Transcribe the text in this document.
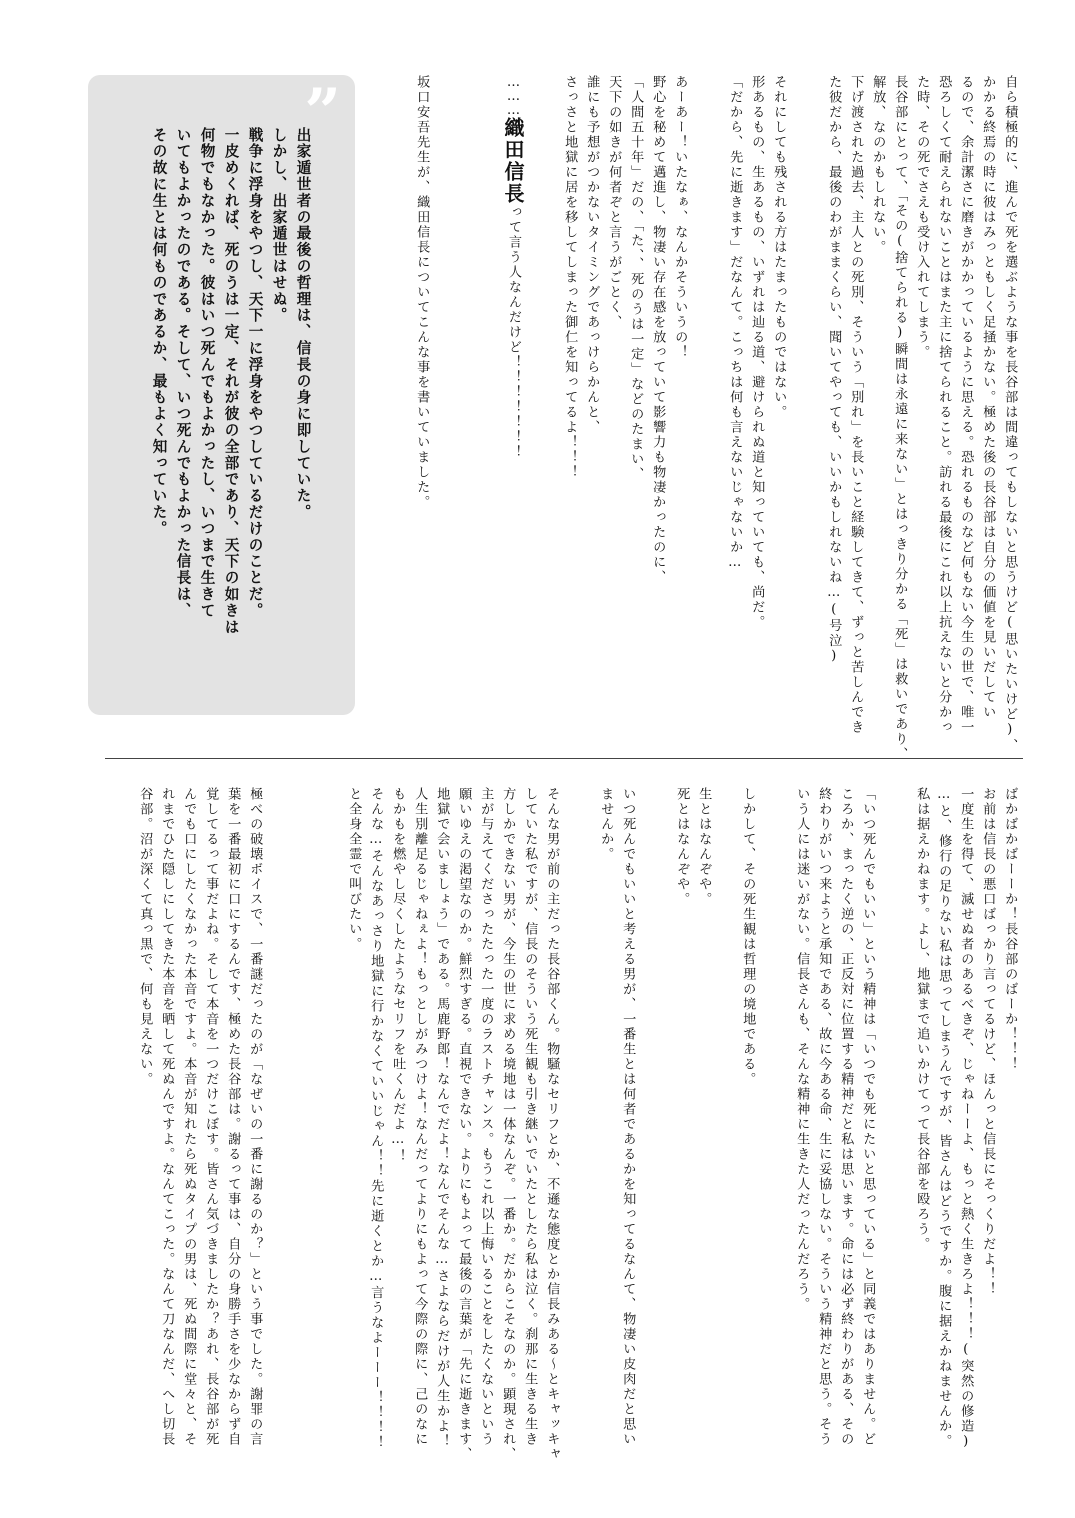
自ら積極的に、進んで死を選ぶような事を長谷部は間違ってもしないと思うけど(思いたいけど)、
かかる終焉の時に彼はみっともしく足掻かない。極めた後の長谷部は自分の価値を見いだしてい
るので、余計潔さに磨きがかかっているように思える。恐れるものなど何もない今生の世で、唯一
恐ろしくて耐えられないことはまた主に捨てられること。訪れる最後にこれ以上抗えないと分かっ
た時、その死でさえも受け入れてしまう。
長谷部にとって、「その(捨てられる)瞬間は永遠に来ない」とはっきり分かる「死」は救いであり、
解放、なのかもしれない。
下げ渡された過去、主人との死別、そういう「別れ」を長いこと経験してきて、ずっと苦しんでき
た彼だから、最後のわがままくらい、聞いてやっても、いいかもしれないね…(号泣)
それにしても残される方はたまったものではない。
形あるもの、生あるもの、いずれは辿る道、避けられぬ道と知っていても、尚だ。
「だから、先に逝きます」だなんて。こっちは何も言えないじゃないか…
あーあー！いたなぁ、なんかそういうの！
野心を秘めて邁進し、物凄い存在感を放っていて影響力も物凄かったのに、
「人間五十年」だの、「た、、死のうは一定」などのたまい、
天下の如きが何者ぞと言うがごとく、
誰にも予想がつかないタイミングであっけらかんと、
さっさと地獄に居を移してしまった御仁を知ってるよ！！！
………織田信長って言う人なんだけど！！！！！！！
坂口安吾先生が、織田信長についてこんな事を書いていました。
”
出家遁世者の最後の哲理は、信長の身に即していた。
しかし、出家遁世はせぬ。
戦争に浮身をやつし、天下一に浮身をやつしているだけのことだ。
一皮めくれば、死のうは一定、それが彼の全部であり、天下の如きは
何物でもなかった。彼はいつ死んでもよかったし、いつまで生きて
いてもよかったのである。そして、いつ死んでもよかった信長は、
その故に生とは何ものであるか、最もよく知っていた。
ばかばかばーーか！長谷部のばーか！！！
お前は信長の悪口ばっかり言ってるけど、ほんっと信長にそっくりだよ！！
一度生を得て、滅せぬ者のあるべきぞ、じゃねーーよ、もっと熱く生きろよ！！！(突然の修造)
…と、修行の足りない私は思ってしまうんですが、皆さんはどうですか。腹に据えかねませんか。
私は据えかねます。よし、地獄まで追いかけてって長谷部を殴ろう。
「いつ死んでもいい」という精神は「いつでも死にたいと思っている」と同義ではありません。ど
ころか、まったく逆の、正反対に位置する精神だと私は思います。命には必ず終わりがある、その
終わりがいつ来ようと承知である、故に今ある命、生に妥協しない。そういう精神だと思う。そう
いう人には迷いがない。信長さんも、そんな精神に生きた人だったんだろう。
しかして、その死生観は哲理の境地である。
生とはなんぞや。
死とはなんぞや。
いつ死んでもいいと考える男が、一番生とは何者であるかを知ってるなんて、物凄い皮肉だと思い
ませんか。
そんな男が前の主だった長谷部くん。物騒なセリフとか、不遜な態度とか信長みある〜とキャッキャ
していた私ですが、信長のそういう死生観も引き継いでいたとしたら私は泣く。刹那に生きる生き
方しかできない男が、今生の世に求める境地は一体なんぞ。一番か。だからこそなのか。顕現され、
主が与えてくださったたった一度のラストチャンス。もうこれ以上悔いることをしたくないという
願いゆえの渇望なのか。鮮烈すぎる。直視できない。よりにもよって最後の言葉が「先に逝きます、
地獄で会いましょう」である。馬鹿野郎！なんでだよ！なんでそんな…さよならだけが人生かよ！
人生別離足るじゃねぇよ！もっとしがみつけよ！なんだってよりにもよって今際の際に、己のなに
もかもを燃やし尽くしたようなセリフを吐くんだよ…！
そんな…そんなあっさり地獄に行かなくていいじゃん！！先に逝くとか…言うなよーーー！！！！
と全身全霊で叫びたい。
極べの破壊ボイスで、一番謎だったのが「なぜいの一番に謝るのか？」という事でした。謝罪の言
葉を一番最初に口にするんです、極めた長谷部は。謝るって事は、自分の身勝手さを少なからず自
覚してるって事だよね。そして本音を一つだけこぼす。皆さん気づきましたか？あれ、長谷部が死
んでも口にしたくなかった本音ですよ。本音が知れたら死ぬタイプの男は、死ぬ間際に堂々と、そ
れまでひた隠しにしてきた本音を晒して死ぬんですよ。なんてこった。なんて刀なんだ、へし切長
谷部。沼が深くて真っ黒で、何も見えない。
